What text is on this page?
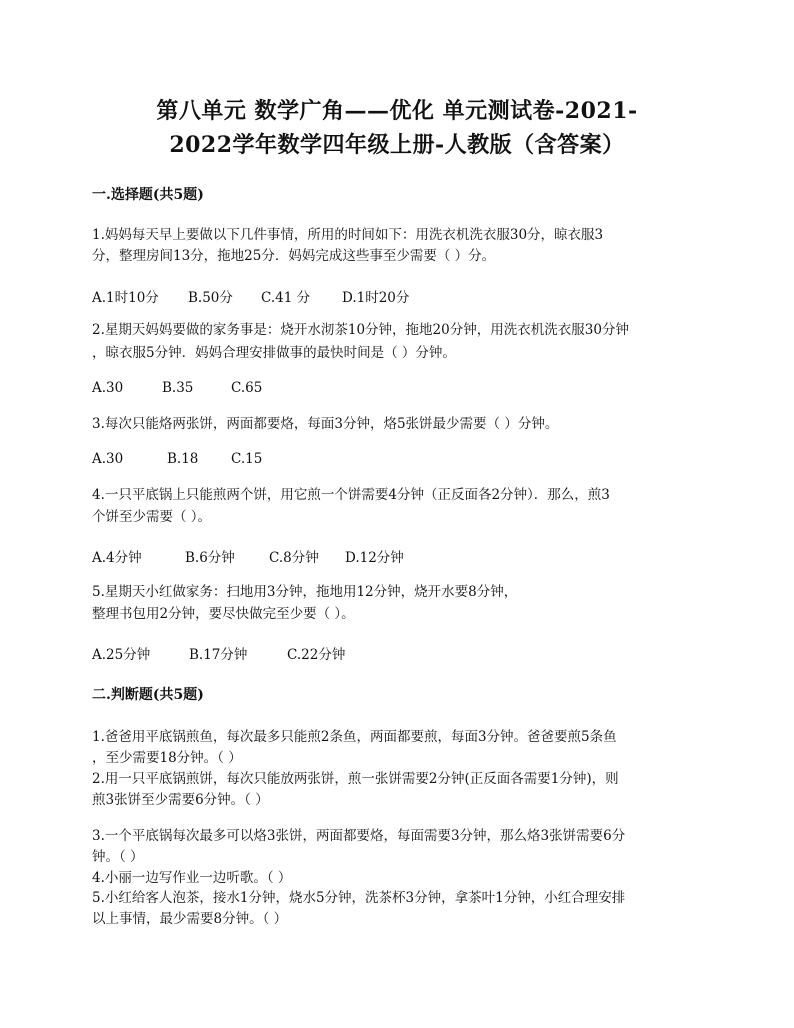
第八单元 数学广角——优化 单元测试卷-2021-
2022学年数学四年级上册-人教版（含答案）
一.选择题(共5题)
1.妈妈每天早上要做以下几件事情，所用的时间如下：用洗衣机洗衣服30分，晾衣服3
分，整理房间13分，拖地25分．妈妈完成这些事至少需要（ ）分。
A.1时10分	B.50分	C.41 分	D.1时20分
2.星期天妈妈要做的家务事是：烧开水沏茶10分钟，拖地20分钟，用洗衣机洗衣服30分钟
，晾衣服5分钟．妈妈合理安排做事的最快时间是（ ）分钟。
A.30	B.35	C.65
3.每次只能烙两张饼，两面都要烙，每面3分钟，烙5张饼最少需要（ ）分钟。
A.30	B.18	C.15
4.一只平底锅上只能煎两个饼，用它煎一个饼需要4分钟（正反面各2分钟）．那么，煎3
个饼至少需要（ ）。
A.4分钟	B.6分钟	C.8分钟	D.12分钟
5.星期天小红做家务：扫地用3分钟，拖地用12分钟，烧开水要8分钟，
整理书包用2分钟，要尽快做完至少要（ ）。
A.25分钟	B.17分钟	C.22分钟
二.判断题(共5题)
1.爸爸用平底锅煎鱼，每次最多只能煎2条鱼，两面都要煎，每面3分钟。爸爸要煎5条鱼
，至少需要18分钟。（ ）
2.用一只平底锅煎饼，每次只能放两张饼，煎一张饼需要2分钟(正反面各需要1分钟)，则
煎3张饼至少需要6分钟。（ ）
3.一个平底锅每次最多可以烙3张饼，两面都要烙，每面需要3分钟，那么烙3张饼需要6分
钟。（ ）
4.小丽一边写作业一边听歌。（ ）
5.小红给客人泡茶，接水1分钟，烧水5分钟，洗茶杯3分钟，拿茶叶1分钟，小红合理安排
以上事情，最少需要8分钟。（ ）
